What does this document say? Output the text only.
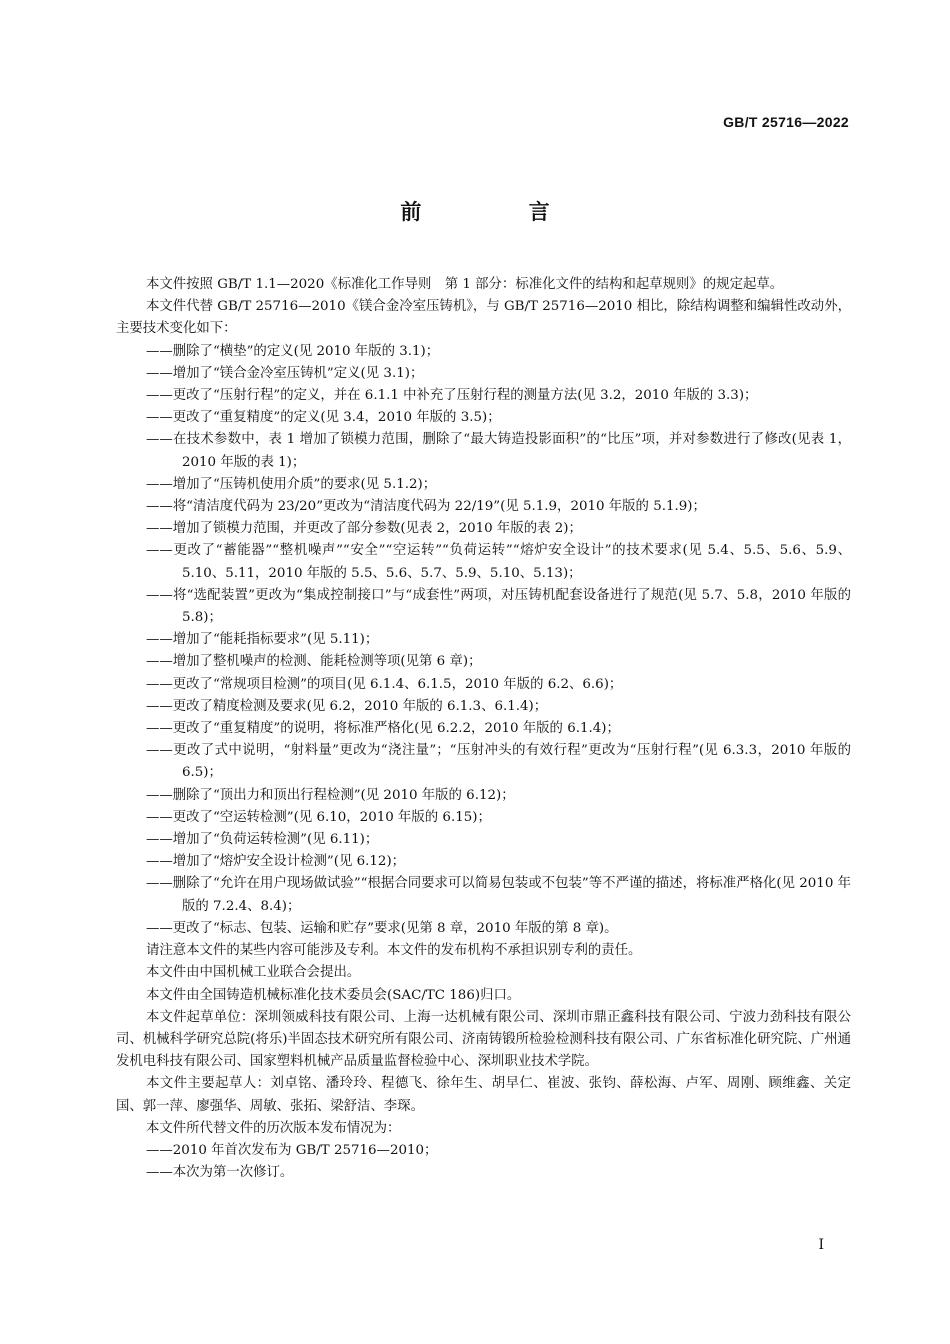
GB/T 25716—2022
前 言

本文件按照 GB/T 1.1—2020《标准化工作导则　第 1 部分：标准化文件的结构和起草规则》的规定起草。

本文件代替 GB/T 25716—2010《镁合金冷室压铸机》，与 GB/T 25716—2010 相比，除结构调整和编辑性改动外，主要技术变化如下：

——删除了“横垫”的定义(见 2010 年版的 3.1)；

——增加了“镁合金冷室压铸机”定义(见 3.1)；

——更改了“压射行程”的定义，并在 6.1.1 中补充了压射行程的测量方法(见 3.2，2010 年版的 3.3)；

——更改了“重复精度”的定义(见 3.4，2010 年版的 3.5)；

——在技术参数中，表 1 增加了锁模力范围，删除了“最大铸造投影面积”的“比压”项，并对参数进行了修改(见表 1，2010 年版的表 1)；

——增加了“压铸机使用介质”的要求(见 5.1.2)；

——将“清洁度代码为 23/20”更改为“清洁度代码为 22/19”(见 5.1.9，2010 年版的 5.1.9)；

——增加了锁模力范围，并更改了部分参数(见表 2，2010 年版的表 2)；

——更改了“蓄能器”“整机噪声”“安全”“空运转”“负荷运转”“熔炉安全设计”的技术要求(见 5.4、5.5、5.6、5.9、5.10、5.11，2010 年版的 5.5、5.6、5.7、5.9、5.10、5.13)；

——将“选配装置”更改为“集成控制接口”与“成套性”两项，对压铸机配套设备进行了规范(见 5.7、5.8，2010 年版的 5.8)；

——增加了“能耗指标要求”(见 5.11)；

——增加了整机噪声的检测、能耗检测等项(见第 6 章)；

——更改了“常规项目检测”的项目(见 6.1.4、6.1.5，2010 年版的 6.2、6.6)；

——更改了精度检测及要求(见 6.2，2010 年版的 6.1.3、6.1.4)；

——更改了“重复精度”的说明，将标准严格化(见 6.2.2，2010 年版的 6.1.4)；

——更改了式中说明，“射料量”更改为“浇注量”；“压射冲头的有效行程”更改为“压射行程”(见 6.3.3，2010 年版的 6.5)；

——删除了“顶出力和顶出行程检测”(见 2010 年版的 6.12)；

——更改了“空运转检测”(见 6.10，2010 年版的 6.15)；

——增加了“负荷运转检测”(见 6.11)；

——增加了“熔炉安全设计检测”(见 6.12)；

——删除了“允许在用户现场做试验”“根据合同要求可以简易包装或不包装”等不严谨的描述，将标准严格化(见 2010 年版的 7.2.4、8.4)；

——更改了“标志、包装、运输和贮存”要求(见第 8 章，2010 年版的第 8 章)。

请注意本文件的某些内容可能涉及专利。本文件的发布机构不承担识别专利的责任。

本文件由中国机械工业联合会提出。

本文件由全国铸造机械标准化技术委员会(SAC/TC 186)归口。

本文件起草单位：深圳领威科技有限公司、上海一达机械有限公司、深圳市鼎正鑫科技有限公司、宁波力劲科技有限公司、机械科学研究总院(将乐)半固态技术研究所有限公司、济南铸锻所检验检测科技有限公司、广东省标准化研究院、广州通发机电科技有限公司、国家塑料机械产品质量监督检验中心、深圳职业技术学院。

本文件主要起草人：刘卓铭、潘玲玲、程德飞、徐年生、胡早仁、崔波、张钧、薛松海、卢军、周刚、顾维鑫、关定国、郭一萍、廖强华、周敏、张拓、梁舒洁、李琛。

本文件所代替文件的历次版本发布情况为：

——2010 年首次发布为 GB/T 25716—2010；

——本次为第一次修订。

I
